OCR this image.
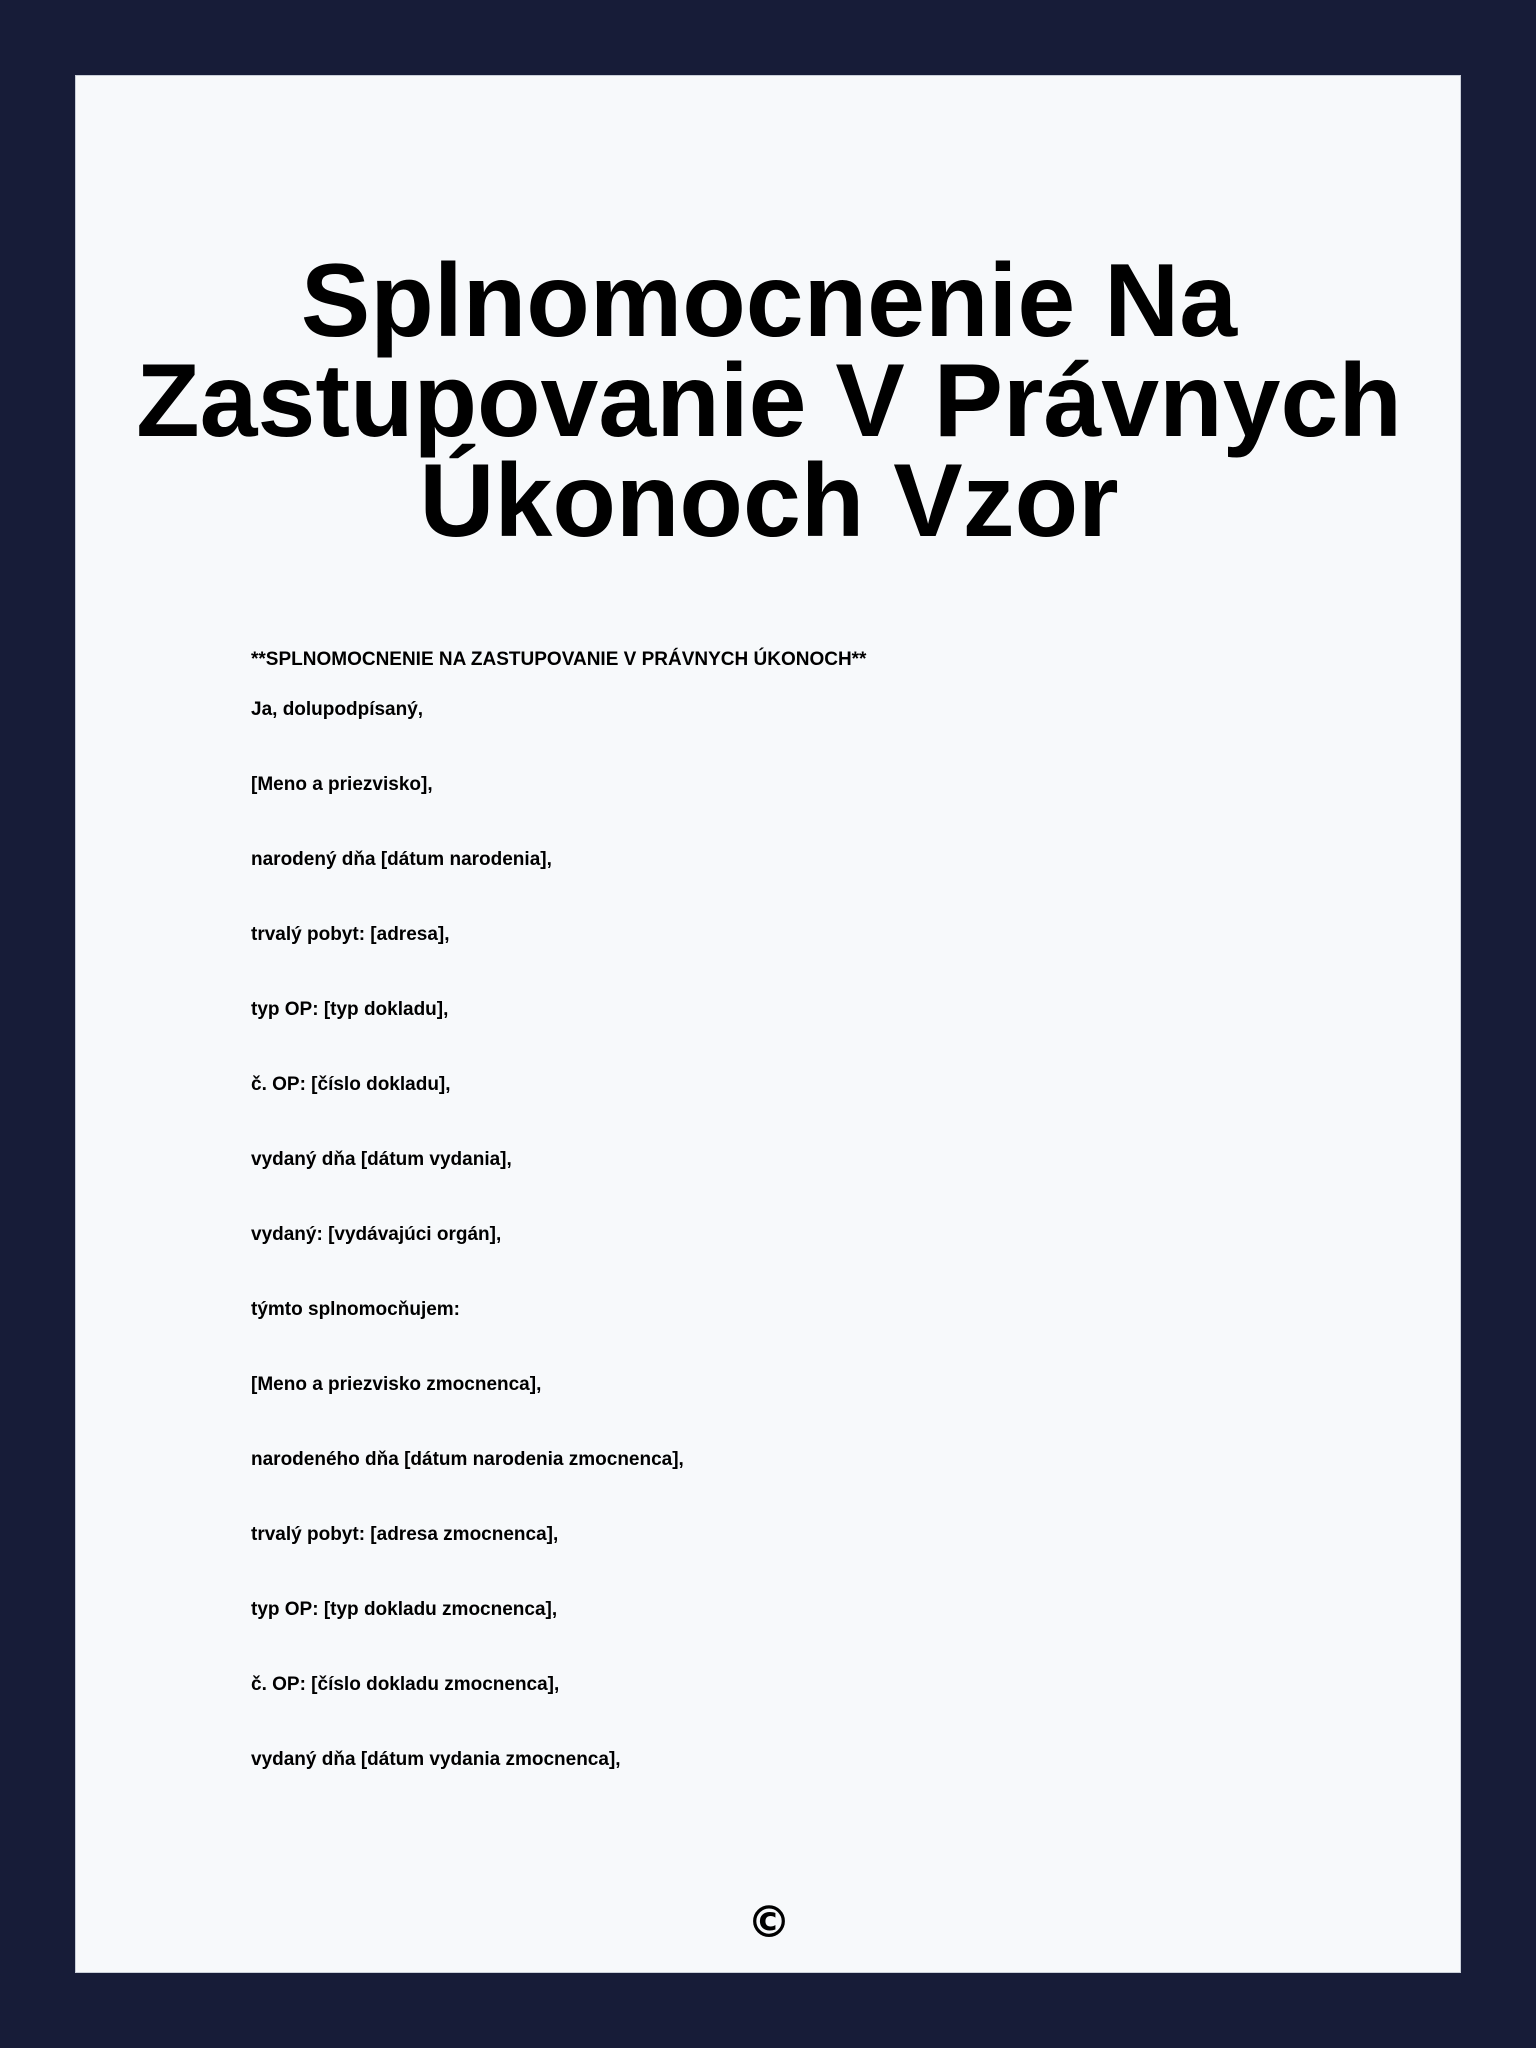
Splnomocnenie Na Zastupovanie V Právnych Úkonoch Vzor

**SPLNOMOCNENIE NA ZASTUPOVANIE V PRÁVNYCH ÚKONOCH**

Ja, dolupodpísaný,

[Meno a priezvisko],

narodený dňa [dátum narodenia],

trvalý pobyt: [adresa],

typ OP: [typ dokladu],

č. OP: [číslo dokladu],

vydaný dňa [dátum vydania],

vydaný: [vydávajúci orgán],

týmto splnomocňujem:

[Meno a priezvisko zmocnenca],

narodeného dňa [dátum narodenia zmocnenca],

trvalý pobyt: [adresa zmocnenca],

typ OP: [typ dokladu zmocnenca],

č. OP: [číslo dokladu zmocnenca],

vydaný dňa [dátum vydania zmocnenca],

©
